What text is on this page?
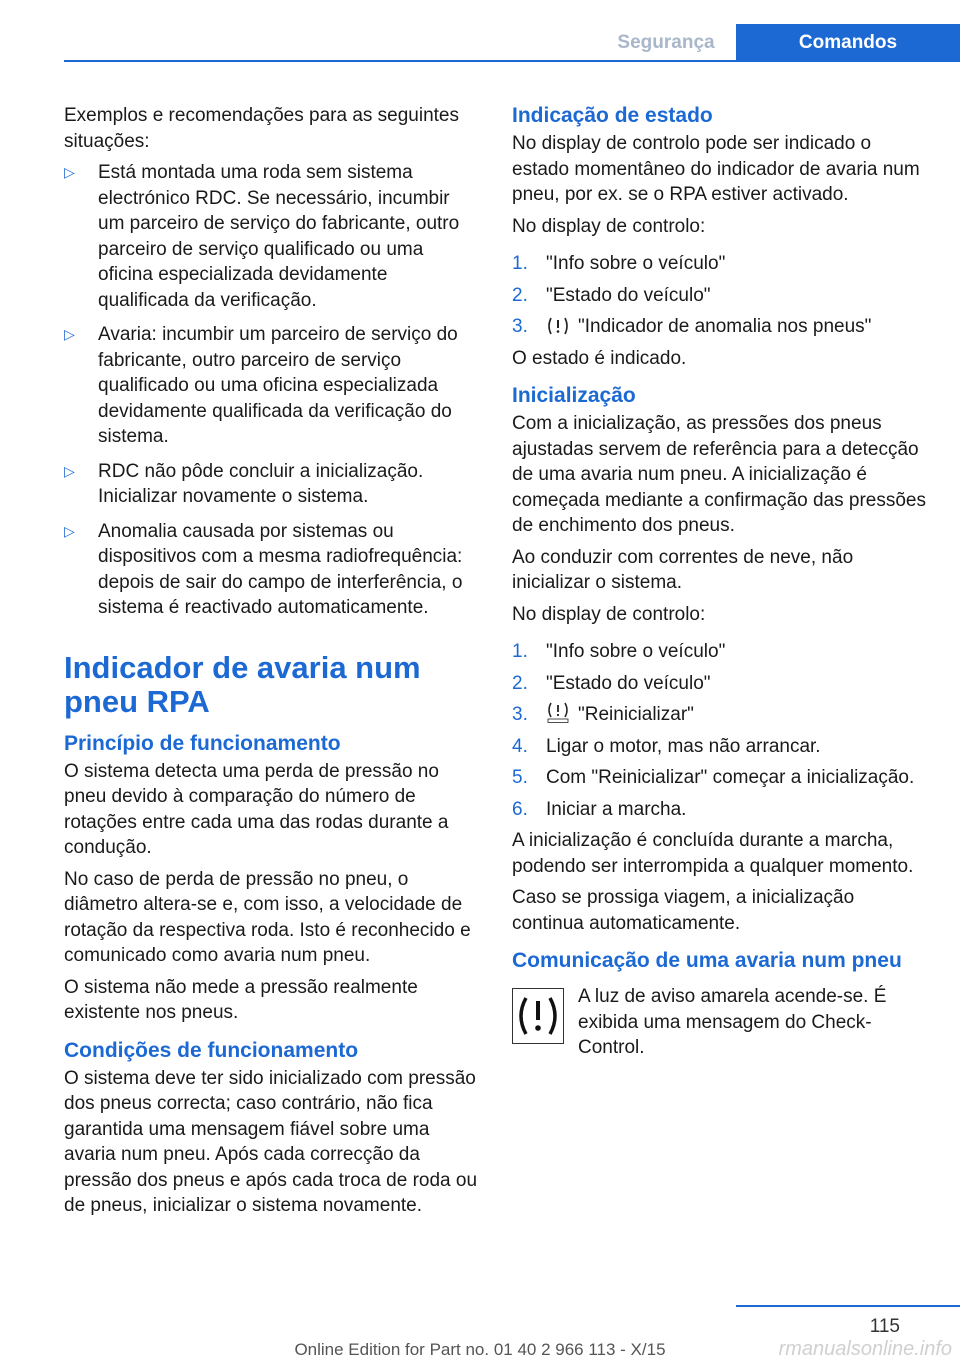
Segurança	Comandos

Exemplos e recomendações para as seguintes situações:

▷	Está montada uma roda sem sistema electrónico RDC. Se necessário, incumbir um parceiro de serviço do fabricante, outro parceiro de serviço qualificado ou uma oficina especializada devidamente qualificada da verificação.
▷	Avaria: incumbir um parceiro de serviço do fabricante, outro parceiro de serviço qualificado ou uma oficina especializada devidamente qualificada da verificação do sistema.
▷	RDC não pôde concluir a inicialização. Inicializar novamente o sistema.
▷	Anomalia causada por sistemas ou dispositivos com a mesma radiofrequência: depois de sair do campo de interferência, o sistema é reactivado automaticamente.
Indicador de avaria num pneu RPA
Princípio de funcionamento

O sistema detecta uma perda de pressão no pneu devido à comparação do número de rotações entre cada uma das rodas durante a condução.

No caso de perda de pressão no pneu, o diâmetro altera-se e, com isso, a velocidade de rotação da respectiva roda. Isto é reconhecido e comunicado como avaria num pneu.

O sistema não mede a pressão realmente existente nos pneus.

Condições de funcionamento

O sistema deve ter sido inicializado com pressão dos pneus correcta; caso contrário, não fica garantida uma mensagem fiável sobre uma avaria num pneu. Após cada correcção da pressão dos pneus e após cada troca de roda ou de pneus, inicializar o sistema novamente.

Indicação de estado

No display de controlo pode ser indicado o estado momentâneo do indicador de avaria num pneu, por ex. se o RPA estiver activado.

No display de controlo:

1. "Info sobre o veículo"
2. "Estado do veículo"
3.	"Indicador de anomalia nos pneus"

O estado é indicado.

Inicialização

Com a inicialização, as pressões dos pneus ajustadas servem de referência para a detecção de uma avaria num pneu. A inicialização é começada mediante a confirmação das pressões de enchimento dos pneus.

Ao conduzir com correntes de neve, não inicializar o sistema.

No display de controlo:

1. "Info sobre o veículo"
2. "Estado do veículo"
3.	"Reinicializar"
4. Ligar o motor, mas não arrancar.
5. Com "Reinicializar" começar a inicialização.
6. Iniciar a marcha.

A inicialização é concluída durante a marcha, podendo ser interrompida a qualquer momento.

Caso se prossiga viagem, a inicialização continua automaticamente.

Comunicação de uma avaria num pneu

A luz de aviso amarela acende-se. É exibida uma mensagem do Check-Control.

115
Online Edition for Part no. 01 40 2 966 113 - X/15	rmanualsonline.info
